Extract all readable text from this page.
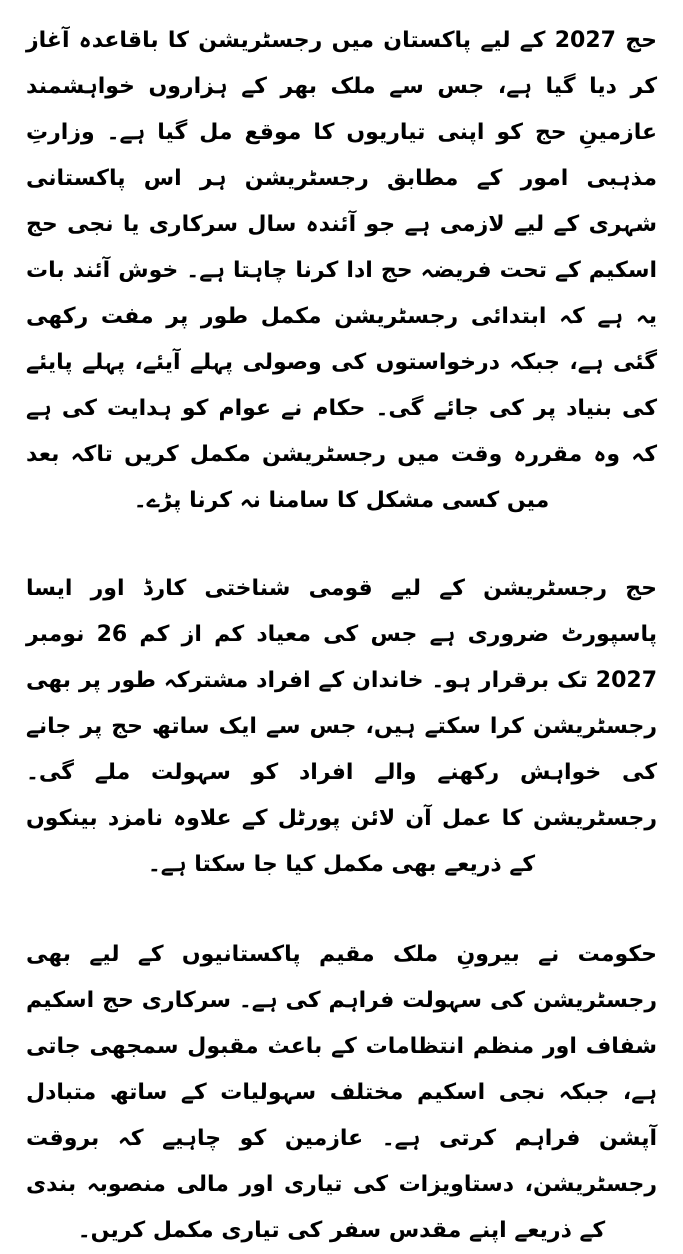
حج 2027 کے لیے پاکستان میں رجسٹریشن کا باقاعدہ آغاز کر دیا گیا ہے، جس سے ملک بھر کے ہزاروں خواہشمند عازمینِ حج کو اپنی تیاریوں کا موقع مل گیا ہے۔ وزارتِ مذہبی امور کے مطابق رجسٹریشن ہر اس پاکستانی شہری کے لیے لازمی ہے جو آئندہ سال سرکاری یا نجی حج اسکیم کے تحت فریضہ حج ادا کرنا چاہتا ہے۔ خوش آئند بات یہ ہے کہ ابتدائی رجسٹریشن مکمل طور پر مفت رکھی گئی ہے، جبکہ درخواستوں کی وصولی پہلے آیئے، پہلے پایئے کی بنیاد پر کی جائے گی۔ حکام نے عوام کو ہدایت کی ہے کہ وہ مقررہ وقت میں رجسٹریشن مکمل کریں تاکہ بعد میں کسی مشکل کا سامنا نہ کرنا پڑے۔

حج رجسٹریشن کے لیے قومی شناختی کارڈ اور ایسا پاسپورٹ ضروری ہے جس کی معیاد کم از کم 26 نومبر 2027 تک برقرار ہو۔ خاندان کے افراد مشترکہ طور پر بھی رجسٹریشن کرا سکتے ہیں، جس سے ایک ساتھ حج پر جانے کی خواہش رکھنے والے افراد کو سہولت ملے گی۔ رجسٹریشن کا عمل آن لائن پورٹل کے علاوہ نامزد بینکوں کے ذریعے بھی مکمل کیا جا سکتا ہے۔

حکومت نے بیرونِ ملک مقیم پاکستانیوں کے لیے بھی رجسٹریشن کی سہولت فراہم کی ہے۔ سرکاری حج اسکیم شفاف اور منظم انتظامات کے باعث مقبول سمجھی جاتی ہے، جبکہ نجی اسکیم مختلف سہولیات کے ساتھ متبادل آپشن فراہم کرتی ہے۔ عازمین کو چاہیے کہ بروقت رجسٹریشن، دستاویزات کی تیاری اور مالی منصوبہ بندی کے ذریعے اپنے مقدس سفر کی تیاری مکمل کریں۔
